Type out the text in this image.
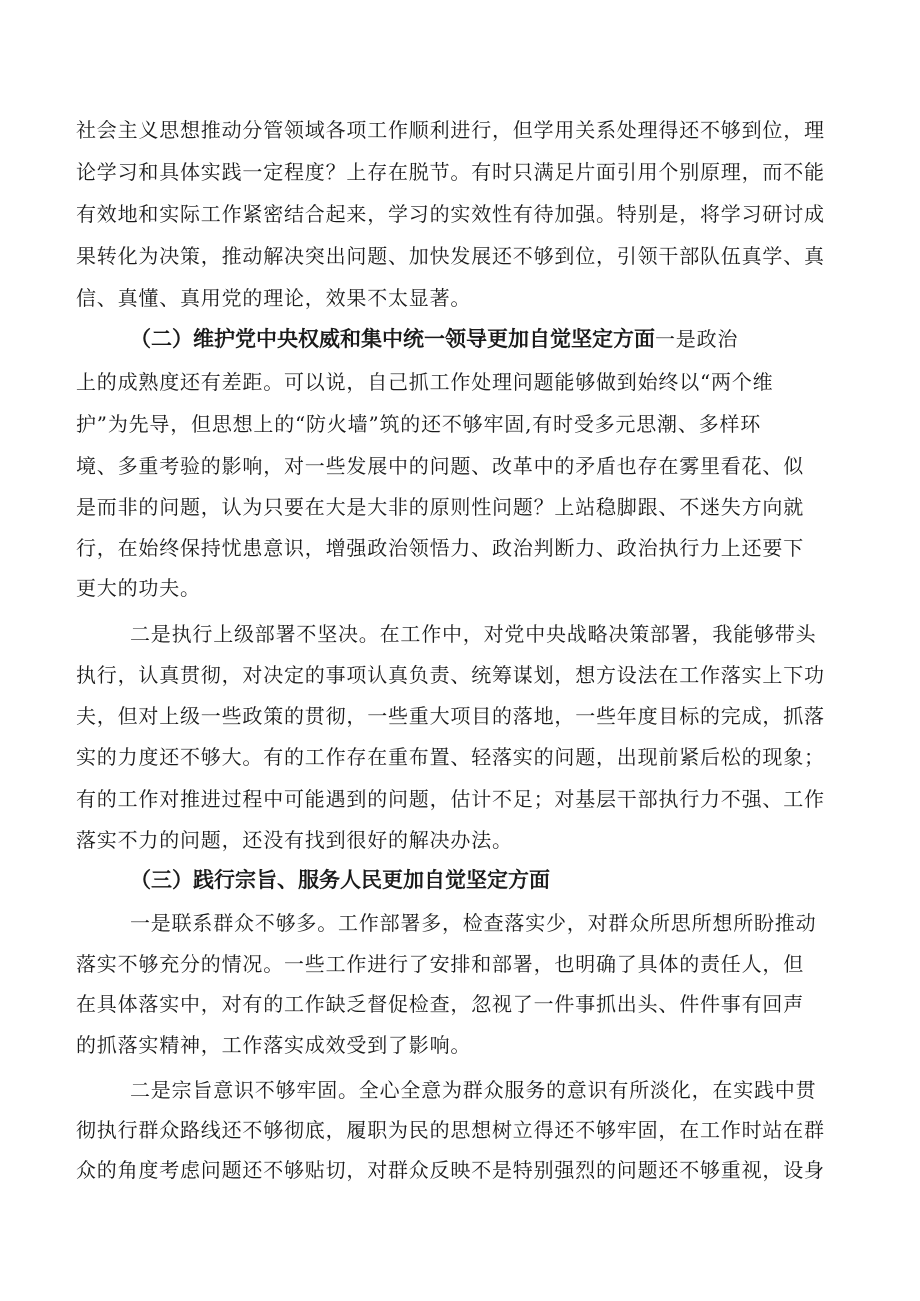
社会主义思想推动分管领域各项工作顺利进行，但学用关系处理得还不够到位，理
论学习和具体实践一定程度？上存在脱节。有时只满足片面引用个别原理，而不能
有效地和实际工作紧密结合起来，学习的实效性有待加强。特别是，将学习研讨成
果转化为决策，推动解决突出问题、加快发展还不够到位，引领干部队伍真学、真
信、真懂、真用党的理论，效果不太显著。
（二）维护党中央权威和集中统一领导更加自觉坚定方面一是政治
上的成熟度还有差距。可以说，自己抓工作处理问题能够做到始终以“两个维
护”为先导，但思想上的“防火墙”筑的还不够牢固,有时受多元思潮、多样环
境、多重考验的影响，对一些发展中的问题、改革中的矛盾也存在雾里看花、似
是而非的问题，认为只要在大是大非的原则性问题？上站稳脚跟、不迷失方向就
行，在始终保持忧患意识，增强政治领悟力、政治判断力、政治执行力上还要下
更大的功夫。
二是执行上级部署不坚决。在工作中，对党中央战略决策部署，我能够带头
执行，认真贯彻，对决定的事项认真负责、统筹谋划，想方设法在工作落实上下功
夫，但对上级一些政策的贯彻，一些重大项目的落地，一些年度目标的完成，抓落
实的力度还不够大。有的工作存在重布置、轻落实的问题，出现前紧后松的现象；
有的工作对推进过程中可能遇到的问题，估计不足；对基层干部执行力不强、工作
落实不力的问题，还没有找到很好的解决办法。
（三）践行宗旨、服务人民更加自觉坚定方面
一是联系群众不够多。工作部署多，检查落实少，对群众所思所想所盼推动
落实不够充分的情况。一些工作进行了安排和部署，也明确了具体的责任人，但
在具体落实中，对有的工作缺乏督促检查，忽视了一件事抓出头、件件事有回声
的抓落实精神，工作落实成效受到了影响。
二是宗旨意识不够牢固。全心全意为群众服务的意识有所淡化，在实践中贯
彻执行群众路线还不够彻底，履职为民的思想树立得还不够牢固，在工作时站在群
众的角度考虑问题还不够贴切，对群众反映不是特别强烈的问题还不够重视，设身
